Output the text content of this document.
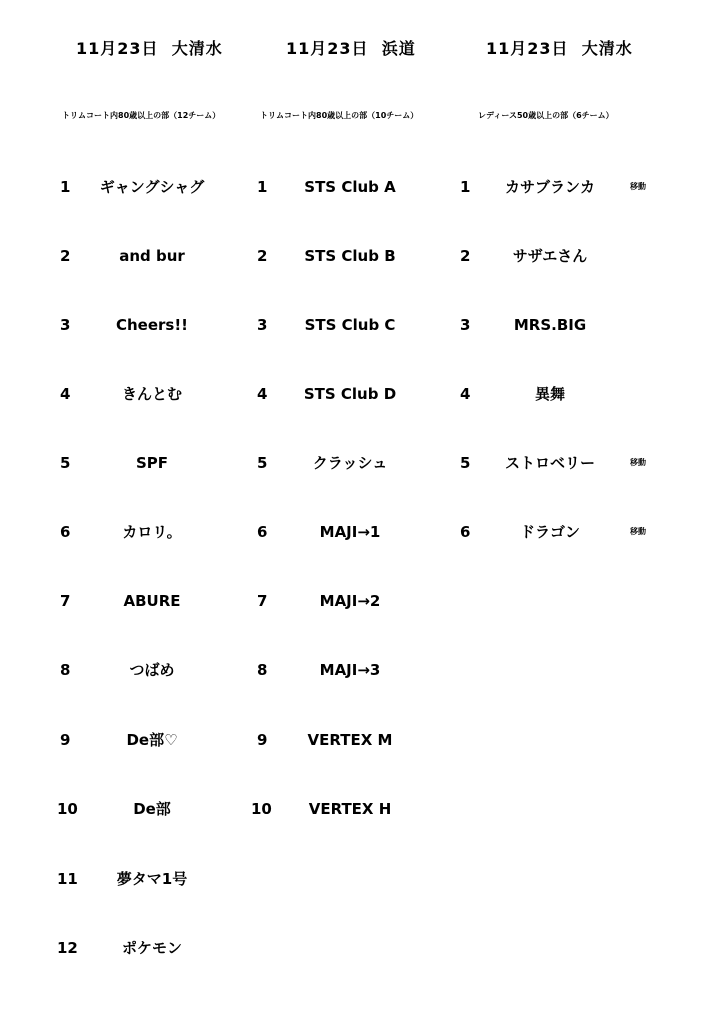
11月23日 大清水
トリムコート内80歳以上の部（12チーム）
1	ギャングシャグ
2	and bur
3	Cheers!!
4	きんとむ
5	SPF
6	カロリ。
7	ABURE
8	つばめ
9	De部♡
10	De部
11	夢タマ1号
12	ポケモン
11月23日 浜道
トリムコート内80歳以上の部（10チーム）
1	STS Club A
2	STS Club B
3	STS Club C
4	STS Club D
5	クラッシュ
6	MAJI→1
7	MAJI→2
8	MAJI→3
9	VERTEX M
10	VERTEX H
11月23日 大清水
レディース50歳以上の部（6チーム）
1	カサブランカ	移動
2	サザエさん
3	MRS.BIG
4	異舞
5	ストロベリー	移動
6	ドラゴン	移動
